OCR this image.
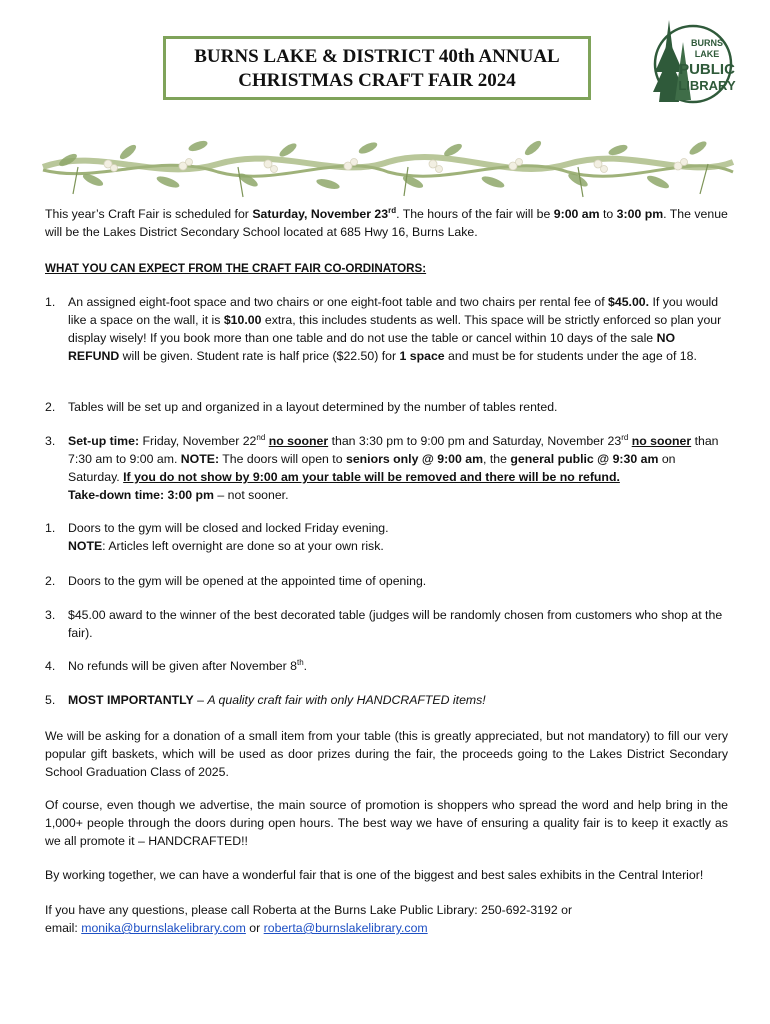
BURNS LAKE & DISTRICT 40th ANNUAL
CHRISTMAS CRAFT FAIR 2024
BURNS
LAKE
PUBLIC
LIBRARY

This year’s Craft Fair is scheduled for Saturday, November 23rd. The hours of the fair will be 9:00 am to 3:00 pm. The venue will be the Lakes District Secondary School located at 685 Hwy 16, Burns Lake.

WHAT YOU CAN EXPECT FROM THE CRAFT FAIR CO-ORDINATORS:

1. An assigned eight-foot space and two chairs or one eight-foot table and two chairs per rental fee of $45.00. If you would like a space on the wall, it is $10.00 extra, this includes students as well. This space will be strictly enforced so plan your display wisely! If you book more than one table and do not use the table or cancel within 10 days of the sale NO REFUND will be given. Student rate is half price ($22.50) for 1 space and must be for students under the age of 18.

2. Tables will be set up and organized in a layout determined by the number of tables rented.

3. Set-up time: Friday, November 22nd no sooner than 3:30 pm to 9:00 pm and Saturday, November 23rd no sooner than 7:30 am to 9:00 am. NOTE: The doors will open to seniors only @ 9:00 am, the general public @ 9:30 am on Saturday. If you do not show by 9:00 am your table will be removed and there will be no refund.
Take-down time: 3:00 pm – not sooner.

1. Doors to the gym will be closed and locked Friday evening.
NOTE: Articles left overnight are done so at your own risk.

2. Doors to the gym will be opened at the appointed time of opening.

3. $45.00 award to the winner of the best decorated table (judges will be randomly chosen from customers who shop at the fair).

4. No refunds will be given after November 8th.

5. MOST IMPORTANTLY – A quality craft fair with only HANDCRAFTED items!

We will be asking for a donation of a small item from your table (this is greatly appreciated, but not mandatory) to fill our very popular gift baskets, which will be used as door prizes during the fair, the proceeds going to the Lakes District Secondary School Graduation Class of 2025.

Of course, even though we advertise, the main source of promotion is shoppers who spread the word and help bring in the 1,000+ people through the doors during open hours. The best way we have of ensuring a quality fair is to keep it exactly as we all promote it – HANDCRAFTED!!

By working together, we can have a wonderful fair that is one of the biggest and best sales exhibits in the Central Interior!

If you have any questions, please call Roberta at the Burns Lake Public Library: 250-692-3192 or
email: monika@burnslakelibrary.com or roberta@burnslakelibrary.com
